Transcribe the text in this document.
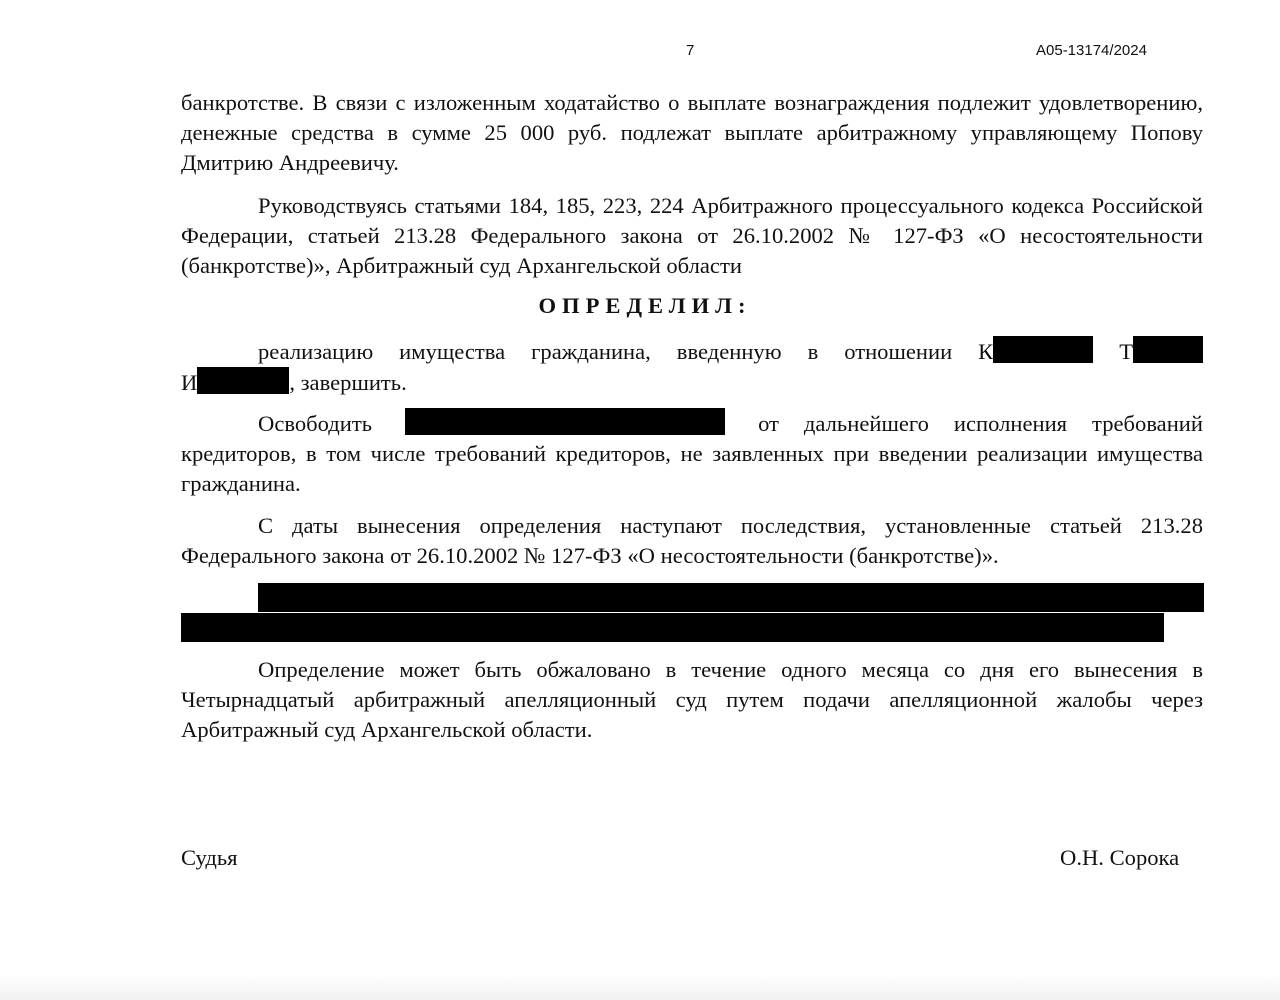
7	А05-13174/2024

банкротстве. В связи с изложенным ходатайство о выплате вознаграждения подлежит удовлетворению, денежные средства в сумме 25 000 руб. подлежат выплате арбитражному управляющему Попову Дмитрию Андреевичу.

Руководствуясь статьями 184, 185, 223, 224 Арбитражного процессуального кодекса Российской Федерации, статьей 213.28 Федерального закона от 26.10.2002 № 127-ФЗ «О несостоятельности (банкротстве)», Арбитражный суд Архангельской области

ОПРЕДЕЛИЛ:

реализацию имущества гражданина, введенную в отношении К	Т

И	, завершить.

Освободить	от дальнейшего исполнения требований кредиторов, в том числе требований кредиторов, не заявленных при введении реализации имущества гражданина.

С даты вынесения определения наступают последствия, установленные статьей 213.28 Федерального закона от 26.10.2002 № 127-ФЗ «О несостоятельности (банкротстве)».

Определение может быть обжаловано в течение одного месяца со дня его вынесения в Четырнадцатый арбитражный апелляционный суд путем подачи апелляционной жалобы через Арбитражный суд Архангельской области.

Судья	О.Н. Сорока
